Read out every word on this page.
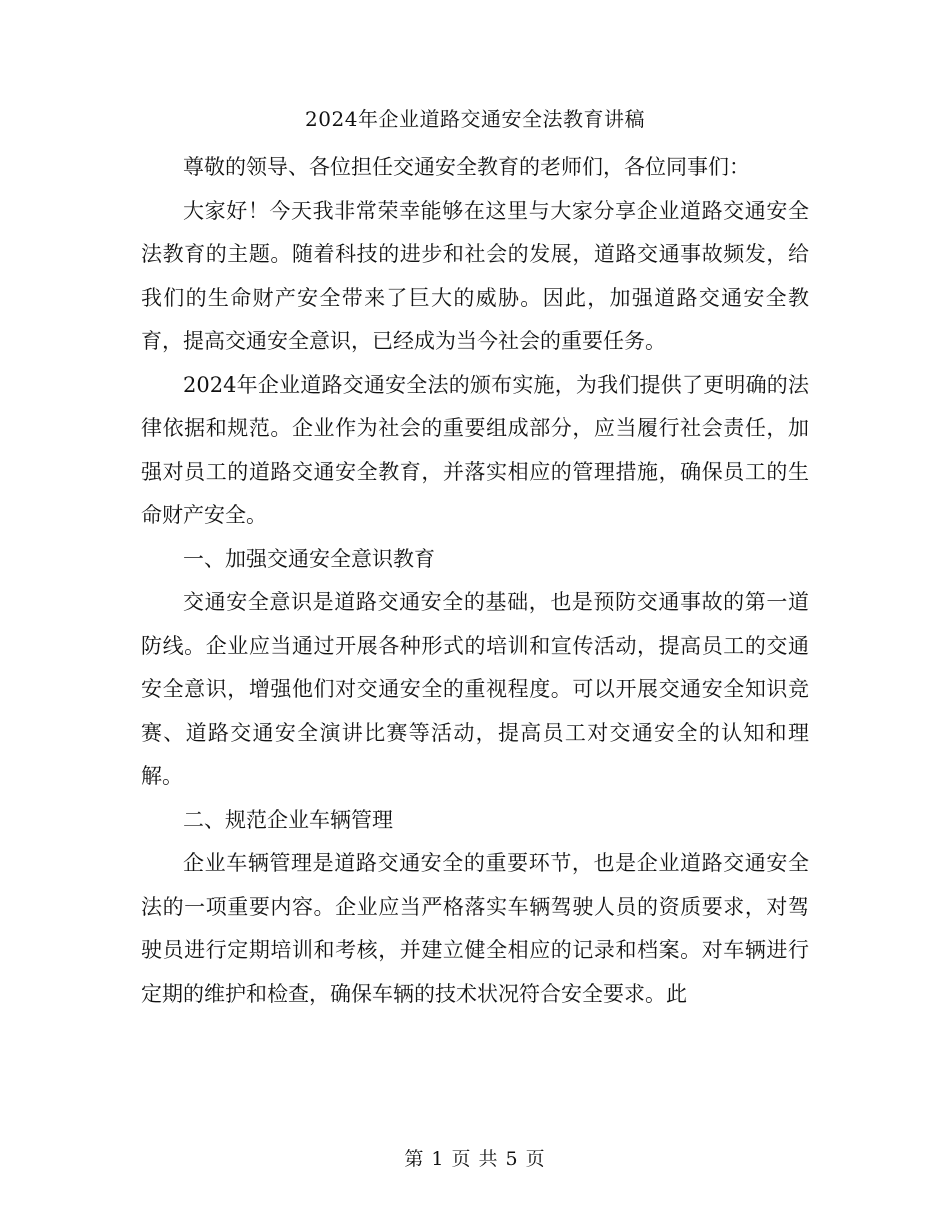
2024年企业道路交通安全法教育讲稿

尊敬的领导、各位担任交通安全教育的老师们，各位同事们：

大家好！今天我非常荣幸能够在这里与大家分享企业道路交通安全法教育的主题。随着科技的进步和社会的发展，道路交通事故频发，给我们的生命财产安全带来了巨大的威胁。因此，加强道路交通安全教育，提高交通安全意识，已经成为当今社会的重要任务。

2024年企业道路交通安全法的颁布实施，为我们提供了更明确的法律依据和规范。企业作为社会的重要组成部分，应当履行社会责任，加强对员工的道路交通安全教育，并落实相应的管理措施，确保员工的生命财产安全。

一、加强交通安全意识教育

交通安全意识是道路交通安全的基础，也是预防交通事故的第一道防线。企业应当通过开展各种形式的培训和宣传活动，提高员工的交通安全意识，增强他们对交通安全的重视程度。可以开展交通安全知识竞赛、道路交通安全演讲比赛等活动，提高员工对交通安全的认知和理解。

二、规范企业车辆管理

企业车辆管理是道路交通安全的重要环节，也是企业道路交通安全法的一项重要内容。企业应当严格落实车辆驾驶人员的资质要求，对驾驶员进行定期培训和考核，并建立健全相应的记录和档案。对车辆进行定期的维护和检查，确保车辆的技术状况符合安全要求。此

第 1 页 共 5 页
